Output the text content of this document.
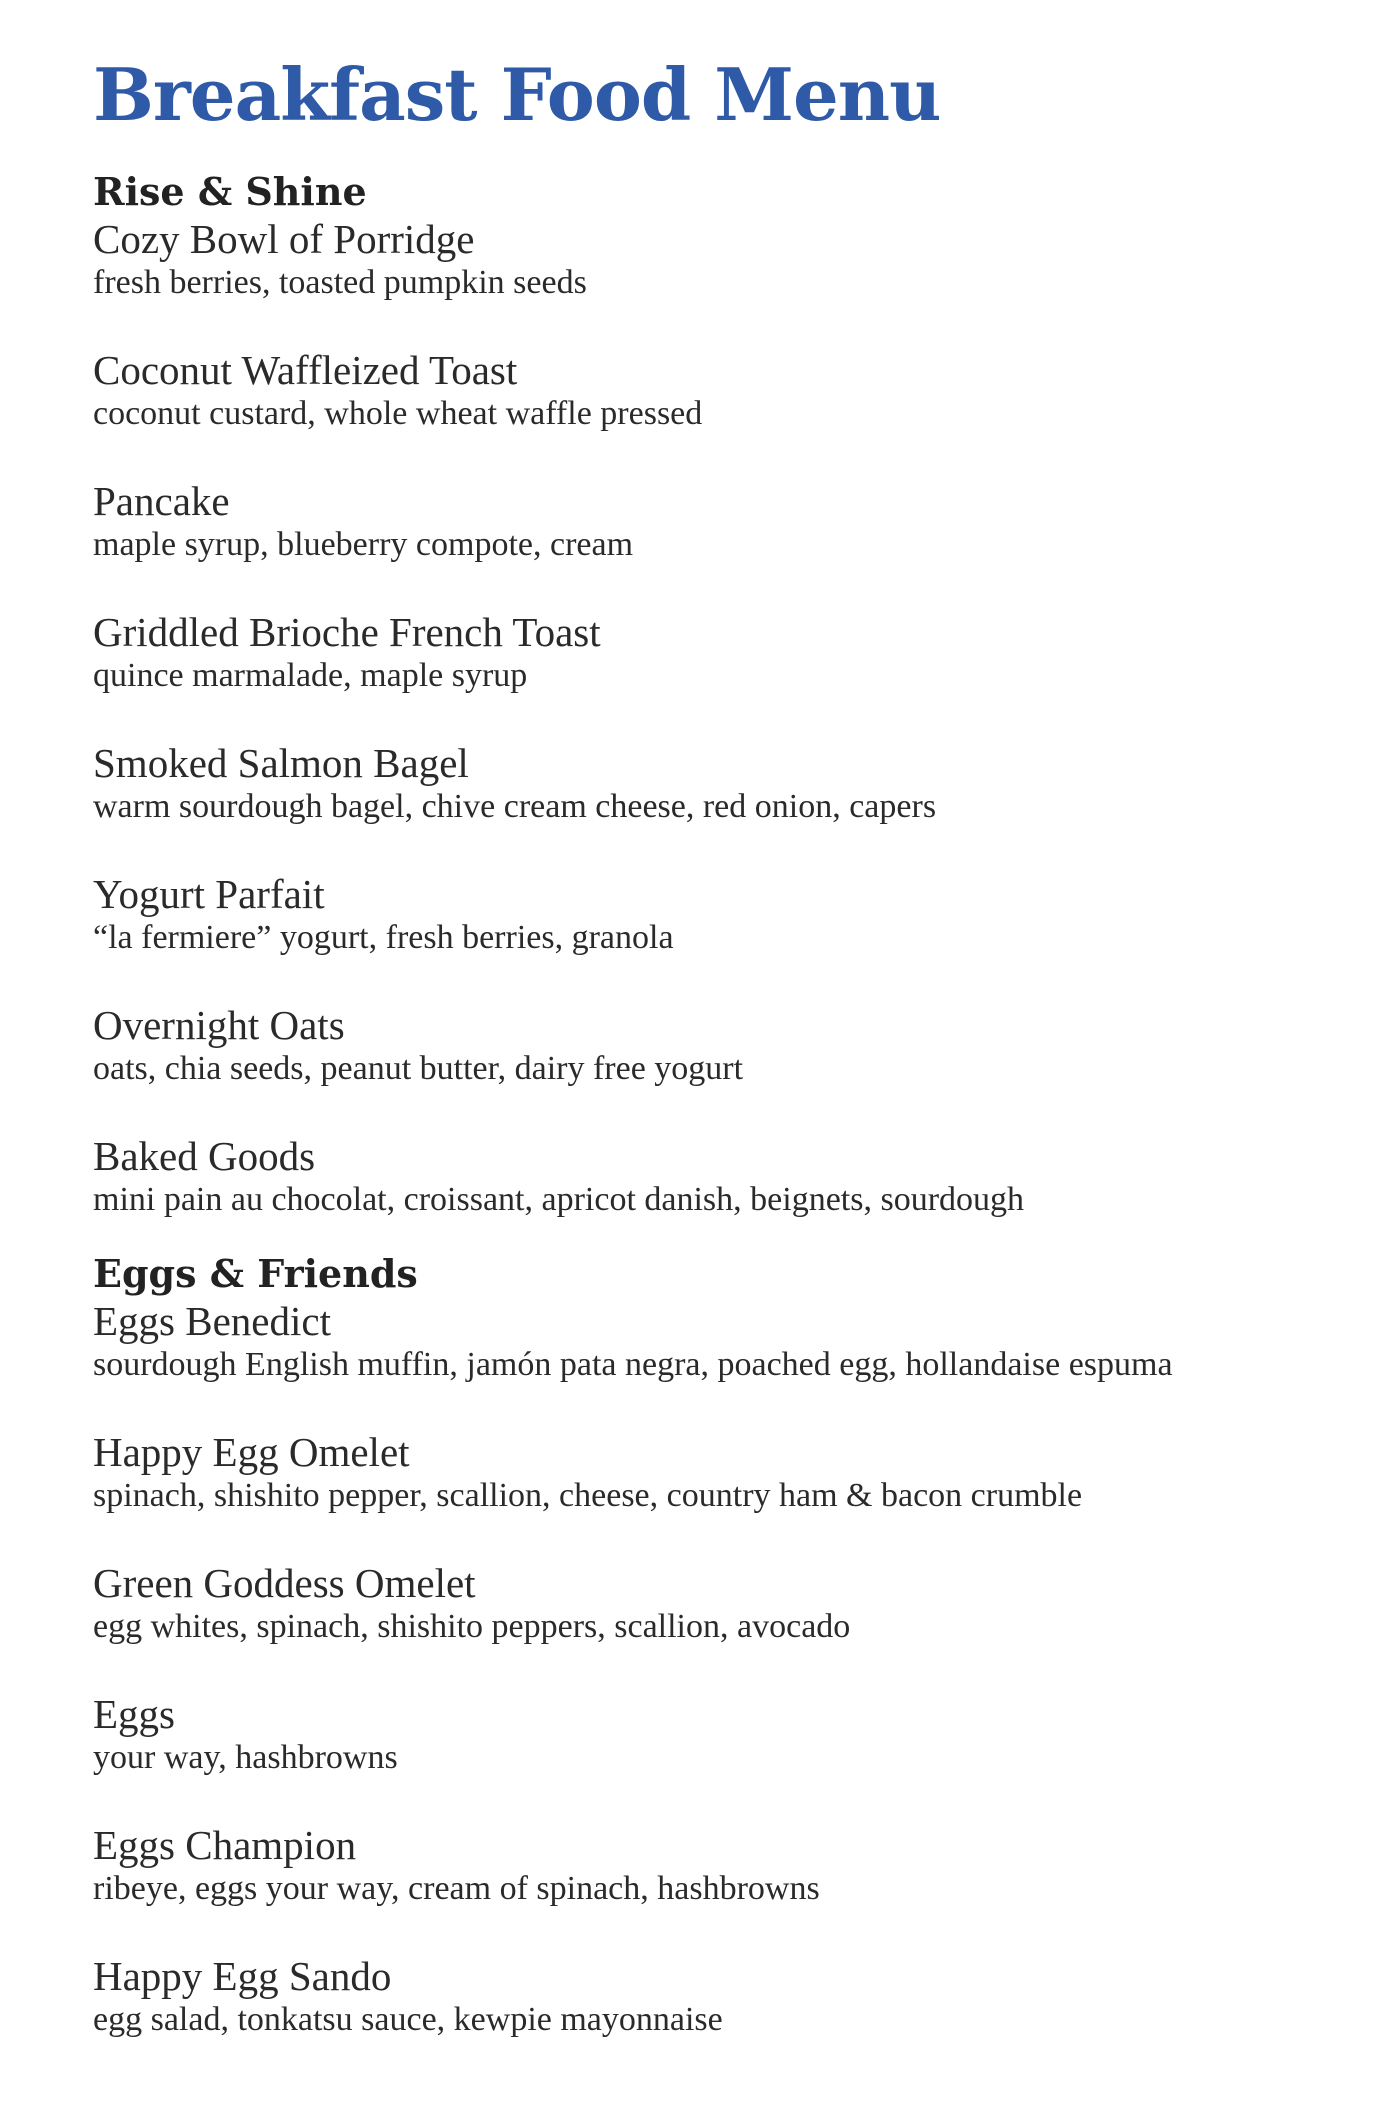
Breakfast Food Menu
Rise & Shine
Cozy Bowl of Porridge
fresh berries, toasted pumpkin seeds
Coconut Waffleized Toast
coconut custard, whole wheat waffle pressed
Pancake
maple syrup, blueberry compote, cream
Griddled Brioche French Toast
quince marmalade, maple syrup
Smoked Salmon Bagel
warm sourdough bagel, chive cream cheese, red onion, capers
Yogurt Parfait
“la fermiere” yogurt, fresh berries, granola
Overnight Oats
oats, chia seeds, peanut butter, dairy free yogurt
Baked Goods
mini pain au chocolat, croissant, apricot danish, beignets, sourdough
Eggs & Friends
Eggs Benedict
sourdough English muffin, jamón pata negra, poached egg, hollandaise espuma
Happy Egg Omelet
spinach, shishito pepper, scallion, cheese, country ham & bacon crumble
Green Goddess Omelet
egg whites, spinach, shishito peppers, scallion, avocado
Eggs
your way, hashbrowns
Eggs Champion
ribeye, eggs your way, cream of spinach, hashbrowns
Happy Egg Sando
egg salad, tonkatsu sauce, kewpie mayonnaise
